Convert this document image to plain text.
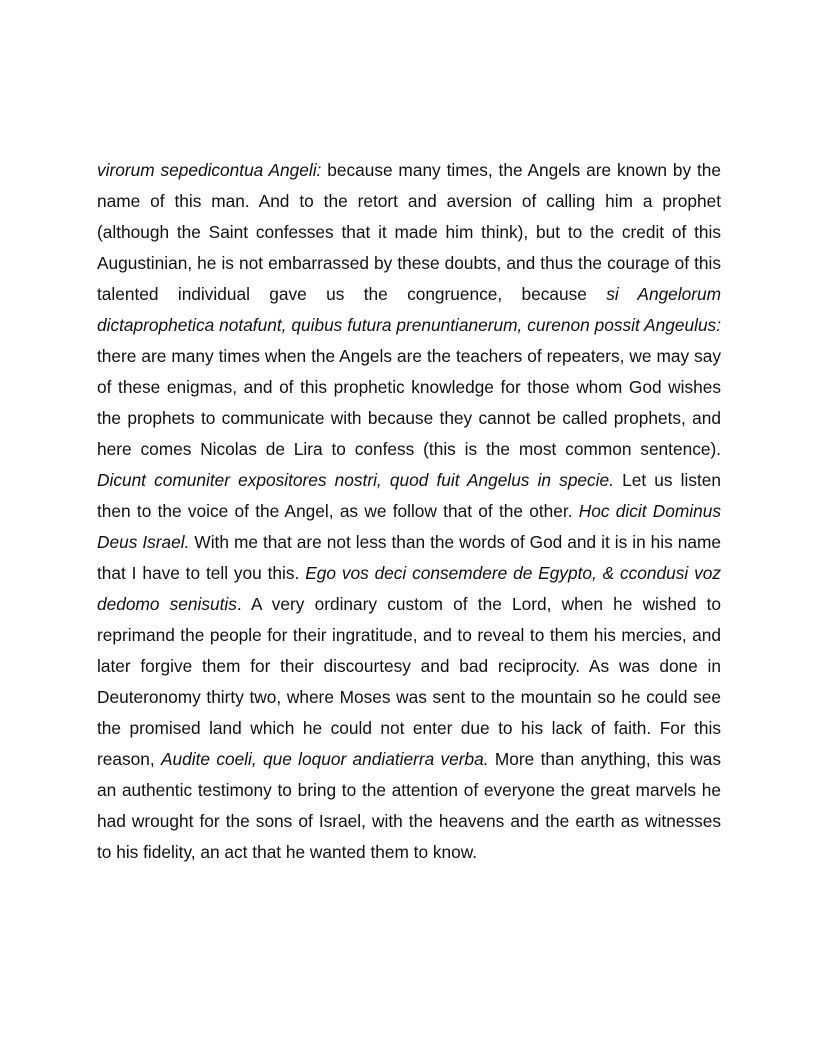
virorum sepedicontua Angeli: because many times, the Angels are known by the name of this man. And to the retort and aversion of calling him a prophet (although the Saint confesses that it made him think), but to the credit of this Augustinian, he is not embarrassed by these doubts, and thus the courage of this talented individual gave us the congruence, because si Angelorum dictaprophetica notafunt, quibus futura prenuntianerum, curenon possit Angeulus: there are many times when the Angels are the teachers of repeaters, we may say of these enigmas, and of this prophetic knowledge for those whom God wishes the prophets to communicate with because they cannot be called prophets, and here comes Nicolas de Lira to confess (this is the most common sentence). Dicunt comuniter expositores nostri, quod fuit Angelus in specie. Let us listen then to the voice of the Angel, as we follow that of the other. Hoc dicit Dominus Deus Israel. With me that are not less than the words of God and it is in his name that I have to tell you this. Ego vos deci consemdere de Egypto, & ccondusi voz dedomo senisutis. A very ordinary custom of the Lord, when he wished to reprimand the people for their ingratitude, and to reveal to them his mercies, and later forgive them for their discourtesy and bad reciprocity. As was done in Deuteronomy thirty two, where Moses was sent to the mountain so he could see the promised land which he could not enter due to his lack of faith. For this reason, Audite coeli, que loquor andiatierra verba. More than anything, this was an authentic testimony to bring to the attention of everyone the great marvels he had wrought for the sons of Israel, with the heavens and the earth as witnesses to his fidelity, an act that he wanted them to know.
